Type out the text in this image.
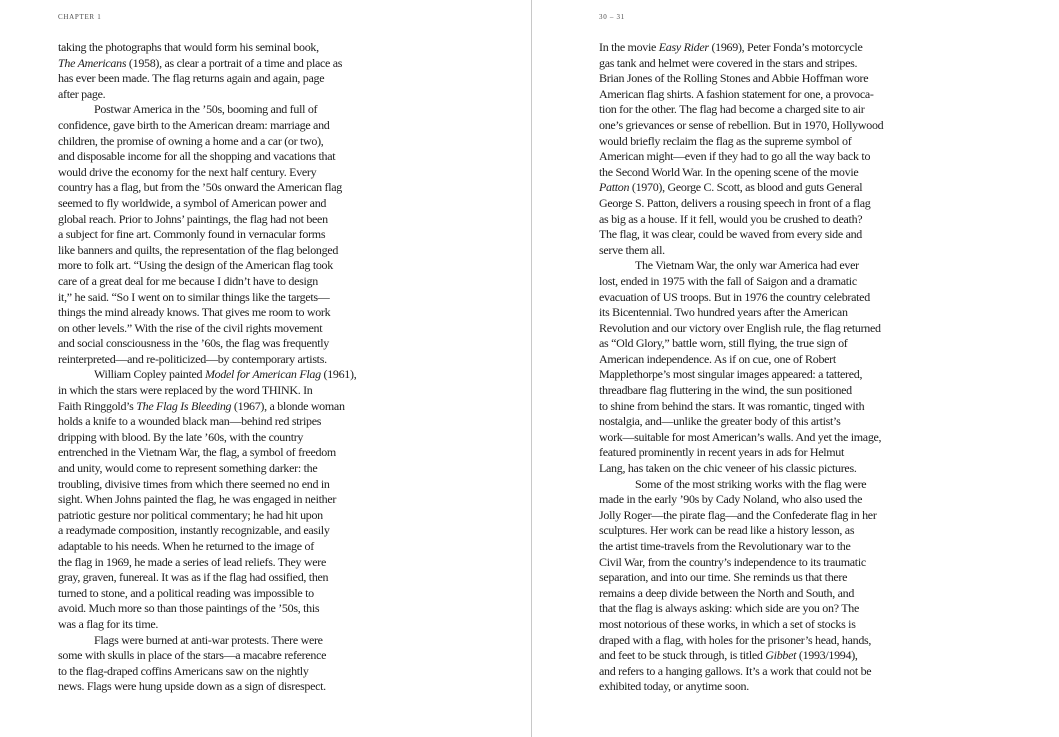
CHAPTER 1
taking the photographs that would form his seminal book,
The Americans (1958), as clear a portrait of a time and place as
has ever been made. The flag returns again and again, page
after page.
Postwar America in the ’50s, booming and full of
confidence, gave birth to the American dream: marriage and
children, the promise of owning a home and a car (or two),
and disposable income for all the shopping and vacations that
would drive the economy for the next half century. Every
country has a flag, but from the ’50s onward the American flag
seemed to fly worldwide, a symbol of American power and
global reach. Prior to Johns’ paintings, the flag had not been
a subject for fine art. Commonly found in vernacular forms
like banners and quilts, the representation of the flag belonged
more to folk art. “Using the design of the American flag took
care of a great deal for me because I didn’t have to design
it,” he said. “So I went on to similar things like the targets—
things the mind already knows. That gives me room to work
on other levels.” With the rise of the civil rights movement
and social consciousness in the ’60s, the flag was frequently
reinterpreted—and re-politicized—by contemporary artists.
William Copley painted Model for American Flag (1961),
in which the stars were replaced by the word THINK. In
Faith Ringgold’s The Flag Is Bleeding (1967), a blonde woman
holds a knife to a wounded black man—behind red stripes
dripping with blood. By the late ’60s, with the country
entrenched in the Vietnam War, the flag, a symbol of freedom
and unity, would come to represent something darker: the
troubling, divisive times from which there seemed no end in
sight. When Johns painted the flag, he was engaged in neither
patriotic gesture nor political commentary; he had hit upon
a readymade composition, instantly recognizable, and easily
adaptable to his needs. When he returned to the image of
the flag in 1969, he made a series of lead reliefs. They were
gray, graven, funereal. It was as if the flag had ossified, then
turned to stone, and a political reading was impossible to
avoid. Much more so than those paintings of the ’50s, this
was a flag for its time.
Flags were burned at anti-war protests. There were
some with skulls in place of the stars—a macabre reference
to the flag-draped coffins Americans saw on the nightly
news. Flags were hung upside down as a sign of disrespect.
30 – 31
In the movie Easy Rider (1969), Peter Fonda’s motorcycle
gas tank and helmet were covered in the stars and stripes.
Brian Jones of the Rolling Stones and Abbie Hoffman wore
American flag shirts. A fashion statement for one, a provoca-
tion for the other. The flag had become a charged site to air
one’s grievances or sense of rebellion. But in 1970, Hollywood
would briefly reclaim the flag as the supreme symbol of
American might—even if they had to go all the way back to
the Second World War. In the opening scene of the movie
Patton (1970), George C. Scott, as blood and guts General
George S. Patton, delivers a rousing speech in front of a flag
as big as a house. If it fell, would you be crushed to death?
The flag, it was clear, could be waved from every side and
serve them all.
The Vietnam War, the only war America had ever
lost, ended in 1975 with the fall of Saigon and a dramatic
evacuation of US troops. But in 1976 the country celebrated
its Bicentennial. Two hundred years after the American
Revolution and our victory over English rule, the flag returned
as “Old Glory,” battle worn, still flying, the true sign of
American independence. As if on cue, one of Robert
Mapplethorpe’s most singular images appeared: a tattered,
threadbare flag fluttering in the wind, the sun positioned
to shine from behind the stars. It was romantic, tinged with
nostalgia, and—unlike the greater body of this artist’s
work—suitable for most American’s walls. And yet the image,
featured prominently in recent years in ads for Helmut
Lang, has taken on the chic veneer of his classic pictures.
Some of the most striking works with the flag were
made in the early ’90s by Cady Noland, who also used the
Jolly Roger—the pirate flag—and the Confederate flag in her
sculptures. Her work can be read like a history lesson, as
the artist time-travels from the Revolutionary war to the
Civil War, from the country’s independence to its traumatic
separation, and into our time. She reminds us that there
remains a deep divide between the North and South, and
that the flag is always asking: which side are you on? The
most notorious of these works, in which a set of stocks is
draped with a flag, with holes for the prisoner’s head, hands,
and feet to be stuck through, is titled Gibbet (1993/1994),
and refers to a hanging gallows. It’s a work that could not be
exhibited today, or anytime soon.
